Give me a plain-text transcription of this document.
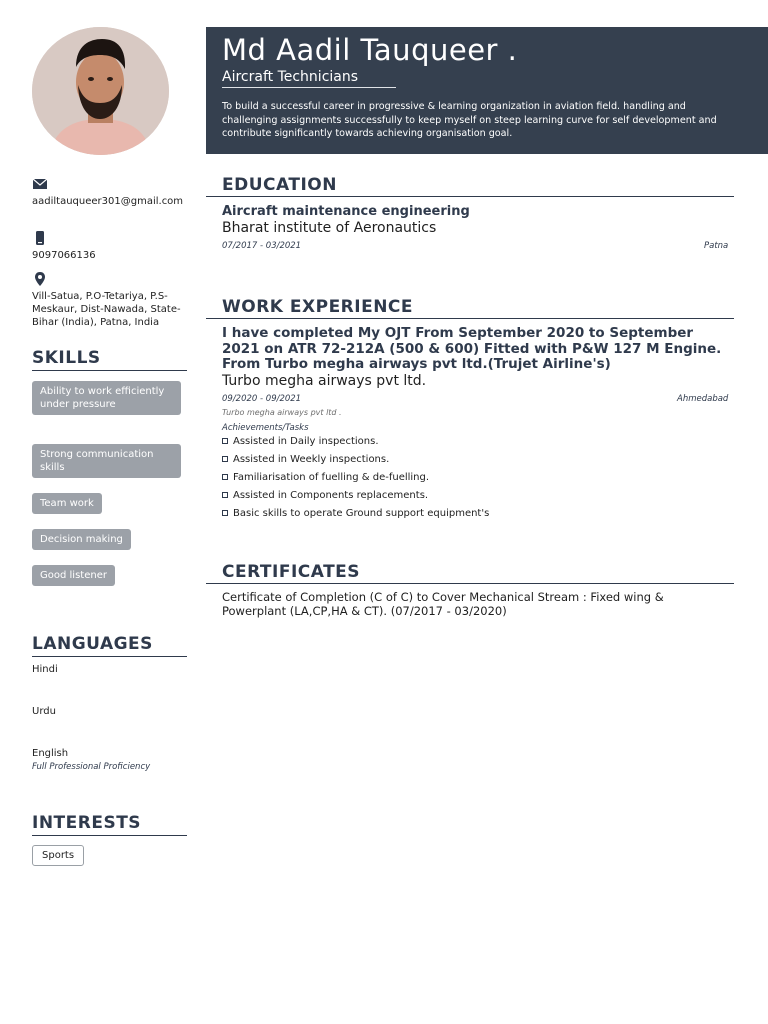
aadiltauqueer301@gmail.com
9097066136
Vill-Satua, P.O-Tetariya, P.S-Meskaur, Dist-Nawada, State-Bihar (India), Patna, India
SKILLS
Ability to work efficiently under pressure
Strong communication skills
Team work
Decision making
Good listener
LANGUAGES
Hindi
Urdu
English
Full Professional Proficiency
INTERESTS
Sports
Md Aadil Tauqueer .
Aircraft Technicians
To build a successful career in progressive & learning organization in aviation field. handling and challenging assignments successfully to keep myself on steep learning curve for self development and contribute significantly towards achieving organisation goal.
EDUCATION
Aircraft maintenance engineering
Bharat institute of Aeronautics
07/2017 - 03/2021	Patna
WORK EXPERIENCE
I have completed My OJT From September 2020 to September 2021 on ATR 72-212A (500 & 600) Fitted with P&W 127 M Engine. From Turbo megha airways pvt ltd.(Trujet Airline's)
Turbo megha airways pvt ltd.
09/2020 - 09/2021	Ahmedabad
Turbo megha airways pvt ltd .
Achievements/Tasks
Assisted in Daily inspections.
Assisted in Weekly inspections.
Familiarisation of fuelling & de-fuelling.
Assisted in Components replacements.
Basic skills to operate Ground support equipment's
CERTIFICATES
Certificate of Completion (C of C) to Cover Mechanical Stream : Fixed wing & Powerplant (LA,CP,HA & CT). (07/2017 - 03/2020)
